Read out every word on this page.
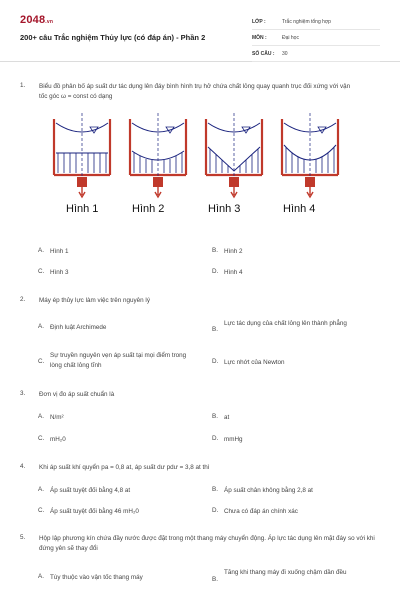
2048.vn
200+ câu Trắc nghiệm Thủy lực (có đáp án) - Phần 2
LỚP :	Trắc nghiệm tổng hợp
MÔN :	Đại học
SỐ CÂU :	30
1.	Biểu đồ phân bố áp suất dư tác dụng lên đáy bình hình trụ hở chứa chất lỏng quay quanh trục đối xứng với vận tốc góc ω = const có dạng
Hình 1	Hình 2	Hình 3	Hình 4
A. Hình 1	B. Hình 2
C. Hình 3	D. Hình 4
2.	Máy ép thủy lực làm việc trên nguyên lý
A. Định luật Archimede	B.
Lực tác dụng của chất lỏng lên thành phẳng
C.
Sự truyền nguyên vẹn áp suất tại mọi điểm trong lòng chất lỏng tĩnh
D. Lực nhớt của Newton
3.	Đơn vị đo áp suất chuẩn là
A. N/m²	B. at
C. mH₂0	D. mmHg
4.	Khi áp suất khí quyển pa = 0,8 at, áp suất dư pdư = 3,8 at thì
A. Áp suất tuyệt đối bằng 4,8 at	B. Áp suất chân không bằng 2,8 at
C. Áp suất tuyệt đối bằng 46 mH₂0	D. Chưa có đáp án chính xác
5.	Hộp lập phương kín chứa đầy nước được đặt trong một thang máy chuyển động. Áp lực tác dụng lên mặt đáy so với khi đứng yên sẽ thay đổi
A. Tùy thuộc vào vận tốc thang máy	B.
Tăng khi thang máy đi xuống chậm dần đều
